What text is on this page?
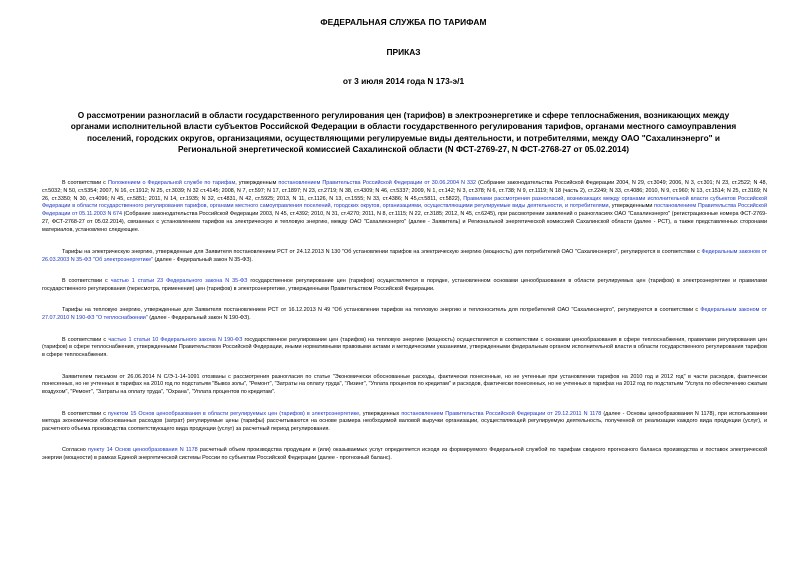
ФЕДЕРАЛЬНАЯ СЛУЖБА ПО ТАРИФАМ
ПРИКАЗ
от 3 июля 2014 года N 173-э/1
О рассмотрении разногласий в области государственного регулирования цен (тарифов) в электроэнергетике и сфере теплоснабжения, возникающих между органами исполнительной власти субъектов Российской Федерации в области государственного регулирования тарифов, органами местного самоуправления поселений, городских округов, организациями, осуществляющими регулируемые виды деятельности, и потребителями, между ОАО "Сахалинэнерго" и Региональной энергетической комиссией Сахалинской области (N ФСТ-2769-27, N ФСТ-2768-27 от 05.02.2014)

В соответствии с Положением о Федеральной службе по тарифам, утвержденным постановлением Правительства Российской Федерации от 30.06.2004 N 332 (Собрание законодательства Российской Федерации 2004, N 29, ст.3049; 2006, N 3, ст.301; N 23, ст.2522; N 48, ст.5032; N 50, ст.5354; 2007, N 16, ст.1912; N 25, ст.3039; N 32 ст.4145; 2008, N 7, ст.597; N 17, ст.1897; N 23, ст.2719; N 38, ст.4309; N 46, ст.5337; 2009, N 1, ст.142; N 3, ст.378; N 6, ст.738; N 9, ст.1119; N 18 (часть 2), ст.2249; N 33, ст.4086; 2010, N 9, ст.960; N 13, ст.1514; N 25, ст.3169; N 26, ст.3350; N 30, ст.4096; N 45, ст.5851; 2011, N 14, ст.1935; N 32, ст.4831, N 42, ст.5925; 2013, N 11, ст.1126, N 13, ст.1555; N 33, ст.4386; N 45,ст.5811, ст.5822), Правилами рассмотрения разногласий, возникающих между органами исполнительной власти субъектов Российской Федерации в области государственного регулирования тарифов, органами местного самоуправления поселений, городских округов, организациями, осуществляющими регулируемые виды деятельности, и потребителями, утвержденными постановлением Правительства Российской Федерации от 05.11.2003 N 674 (Собрание законодательства Российской Федерации 2003, N 45, ст.4392; 2010, N 31, ст.4270; 2011, N 8, ст.1115; N 22, ст.3185; 2012, N 45, ст.6245), при рассмотрении заявлений о разногласиях ОАО "Сахалинэнерго" (регистрационные номера ФСТ-2769-27, ФСТ-2768-27 от 05.02.2014), связанных с установлением тарифов на электрическую и тепловую энергию, между ОАО "Сахалинэнерго" (далее - Заявитель) и Региональной энергетической комиссией Сахалинской области (далее - РСТ), а также представленных сторонами материалов, установлено следующее.

Тарифы на электрическую энергию, утвержденные для Заявителя постановлением РСТ от 24.12.2013 N 130 "Об установлении тарифов на электрическую энергию (мощность) для потребителей ОАО "Сахалинэнерго", регулируются в соответствии с Федеральным законом от 26.03.2003 N 35-ФЗ "Об электроэнергетике" (далее - Федеральный закон N 35-ФЗ).

В соответствии с частью 1 статьи 23 Федерального закона N 35-ФЗ государственное регулирование цен (тарифов) осуществляется в порядке, установленном основами ценообразования в области регулируемых цен (тарифов) в электроэнергетике и правилами государственного регулирования (пересмотра, применения) цен (тарифов) в электроэнергетике, утвержденными Правительством Российской Федерации.

Тарифы на тепловую энергию, утвержденные для Заявителя постановлением РСТ от 16.12.2013 N 49 "Об установлении тарифов на тепловую энергию и теплоноситель для потребителей ОАО "Сахалинэнерго", регулируются в соответствии с Федеральным законом от 27.07.2010 N 190-ФЗ "О теплоснабжении" (далее - Федеральный закон N 190-ФЗ).

В соответствии с частью 1 статьи 10 Федерального закона N 190-ФЗ государственное регулирование цен (тарифов) на тепловую энергию (мощность) осуществляется в соответствии с основами ценообразования в сфере теплоснабжения, правилами регулирования цен (тарифов) в сфере теплоснабжения, утвержденными Правительством Российской Федерации, иными нормативными правовыми актами и методическими указаниями, утвержденными федеральным органом исполнительной власти в области государственного регулирования тарифов в сфере теплоснабжения.

Заявителем письмом от 26.06.2014 N С/Э-1-14-1091 отозваны с рассмотрения разногласия по статье "Экономически обоснованные расходы, фактически понесенные, но не учтенные при установлении тарифов на 2010 год и 2012 год" в части расходов, фактически понесенных, но не учтенных в тарифах на 2010 год по подстатьям "Вывоз золы", "Ремонт", "Затраты на оплату труда", "Лизинг", "Уплата процентов по кредитам" и расходов, фактически понесенных, но не учтенных в тарифах на 2012 год по подстатьям "Услуга по обеспечению сжатым воздухом", "Ремонт", "Затраты на оплату труда", "Охрана", "Уплата процентов по кредитам".

В соответствии с пунктом 15 Основ ценообразования в области регулируемых цен (тарифов) в электроэнергетике, утвержденных постановлением Правительства Российской Федерации от 29.12.2011 N 1178 (далее - Основы ценообразования N 1178), при использовании метода экономически обоснованных расходов (затрат) регулируемые цены (тарифы) рассчитываются на основе размера необходимой валовой выручки организации, осуществляющей регулируемую деятельность, полученной от реализации каждого вида продукции (услуг), и расчетного объема производства соответствующего вида продукции (услуг) за расчетный период регулирования.

Согласно пункту 14 Основ ценообразования N 1178 расчетный объем производства продукции и (или) оказываемых услуг определяется исходя из формируемого Федеральной службой по тарифам сводного прогнозного баланса производства и поставок электрической энергии (мощности) в рамках Единой энергетической системы России по субъектам Российской Федерации (далее - прогнозный баланс).
